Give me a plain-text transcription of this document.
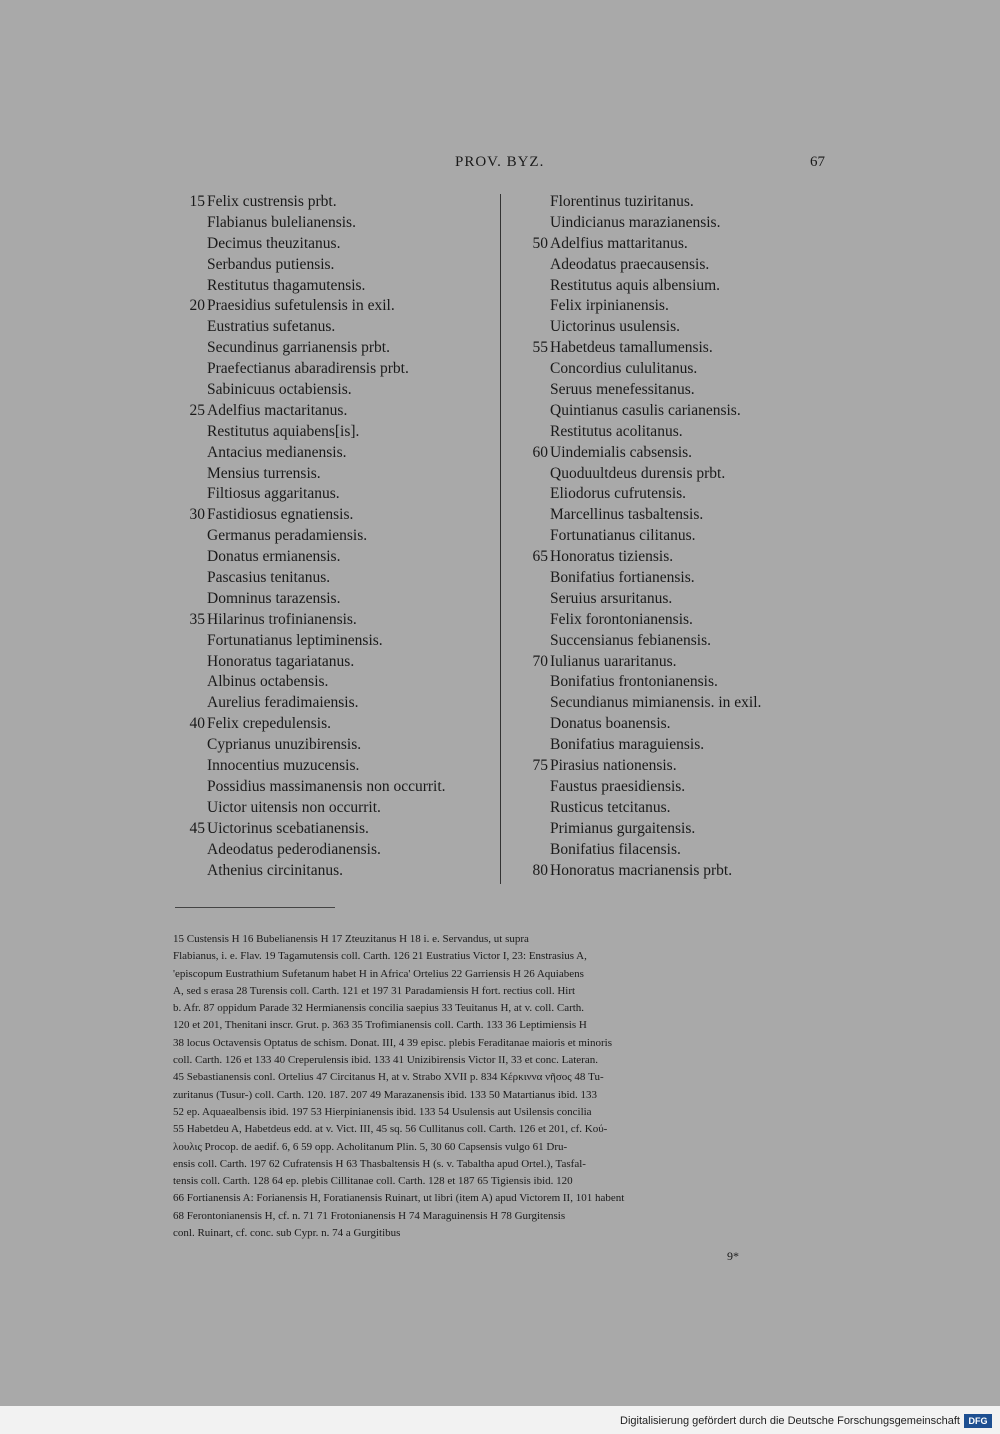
PROV. BYZ.	67
15 Felix custrensis prbt.
Flabianus bulelianensis.
Decimus theuzitanus.
Serbandus putiensis.
Restitutus thagamutensis.
20 Praesidius sufetulensis in exil.
Eustratius sufetanus.
Secundinus garrianensis prbt.
Praefectianus abaradirensis prbt.
Sabinicuus octabiensis.
25 Adelfius mactaritanus.
Restitutus aquiabens[is].
Antacius medianensis.
Mensius turrensis.
Filtiosus aggaritanus.
30 Fastidiosus egnatiensis.
Germanus peradamiensis.
Donatus ermianensis.
Pascasius tenitanus.
Domninus tarazensis.
35 Hilarinus trofinianensis.
Fortunatianus leptiminensis.
Honoratus tagariatanus.
Albinus octabensis.
Aurelius feradimaiensis.
40 Felix crepedulensis.
Cyprianus unuzibirensis.
Innocentius muzucensis.
Possidius massimanensis non occurrit.
Uictor uitensis non occurrit.
45 Uictorinus scebatianensis.
Adeodatus pederodianensis.
Athenius circinitanus.
Florentinus tuziritanus.
Uindicianus marazianensis.
50 Adelfius mattaritanus.
Adeodatus praecausensis.
Restitutus aquis albensium.
Felix irpinianensis.
Uictorinus usulensis.
55 Habetdeus tamallumensis.
Concordius cululitanus.
Seruus menefessitanus.
Quintianus casulis carianensis.
Restitutus acolitanus.
60 Uindemialis cabsensis.
Quoduultdeus durensis prbt.
Eliodorus cufrutensis.
Marcellinus tasbaltensis.
Fortunatianus cilitanus.
65 Honoratus tiziensis.
Bonifatius fortianensis.
Seruius arsuritanus.
Felix forontonianensis.
Succensianus febianensis.
70 Iulianus uararitanus.
Bonifatius frontonianensis.
Secundianus mimianensis. in exil.
Donatus boanensis.
Bonifatius maraguiensis.
75 Pirasius nationensis.
Faustus praesidiensis.
Rusticus tetcitanus.
Primianus gurgaitensis.
Bonifatius filacensis.
80 Honoratus macrianensis prbt.
15 Custensis H 16 Bubelianensis H 17 Zteuzitanus H 18 i. e. Servandus, ut supra
Flabianus, i. e. Flav. 19 Tagamutensis coll. Carth. 126 21 Eustratius Victor I, 23: Enstrasius A,
'episcopum Eustrathium Sufetanum habet H in Africa' Ortelius 22 Garriensis H 26 Aquiabens
A, sed s erasa 28 Turensis coll. Carth. 121 et 197 31 Paradamiensis H fort. rectius coll. Hirt
b. Afr. 87 oppidum Parade 32 Hermianensis concilia saepius 33 Teuitanus H, at v. coll. Carth.
120 et 201, Thenitani inscr. Grut. p. 363 35 Trofimianensis coll. Carth. 133 36 Leptimiensis H
38 locus Octavensis Optatus de schism. Donat. III, 4 39 episc. plebis Feraditanae maioris et minoris
coll. Carth. 126 et 133 40 Creperulensis ibid. 133 41 Unizibirensis Victor II, 33 et conc. Lateran.
45 Sebastianensis conl. Ortelius 47 Circitanus H, at v. Strabo XVII p. 834 Κέρκιννα νῆσος 48 Tu-
zuritanus (Tusur-) coll. Carth. 120. 187. 207 49 Marazanensis ibid. 133 50 Matartianus ibid. 133
52 ep. Aquaealbensis ibid. 197 53 Hierpinianensis ibid. 133 54 Usulensis aut Usilensis concilia
55 Habetdeu A, Habetdeus edd. at v. Vict. III, 45 sq. 56 Cullitanus coll. Carth. 126 et 201, cf. Κού-
λουλις Procop. de aedif. 6, 6 59 opp. Acholitanum Plin. 5, 30 60 Capsensis vulgo 61 Dru-
ensis coll. Carth. 197 62 Cufratensis H 63 Thasbaltensis H (s. v. Tabaltha apud Ortel.), Tasfal-
tensis coll. Carth. 128 64 ep. plebis Cillitanae coll. Carth. 128 et 187 65 Tigiensis ibid. 120
66 Fortianensis A: Forianensis H, Foratianensis Ruinart, ut libri (item A) apud Victorem II, 101 habent
68 Ferontonianensis H, cf. n. 71 71 Frotonianensis H 74 Maraguinensis H 78 Gurgitensis
conl. Ruinart, cf. conc. sub Cypr. n. 74 a Gurgitibus
9*
Digitalisierung gefördert durch die Deutsche Forschungsgemeinschaft DFG
